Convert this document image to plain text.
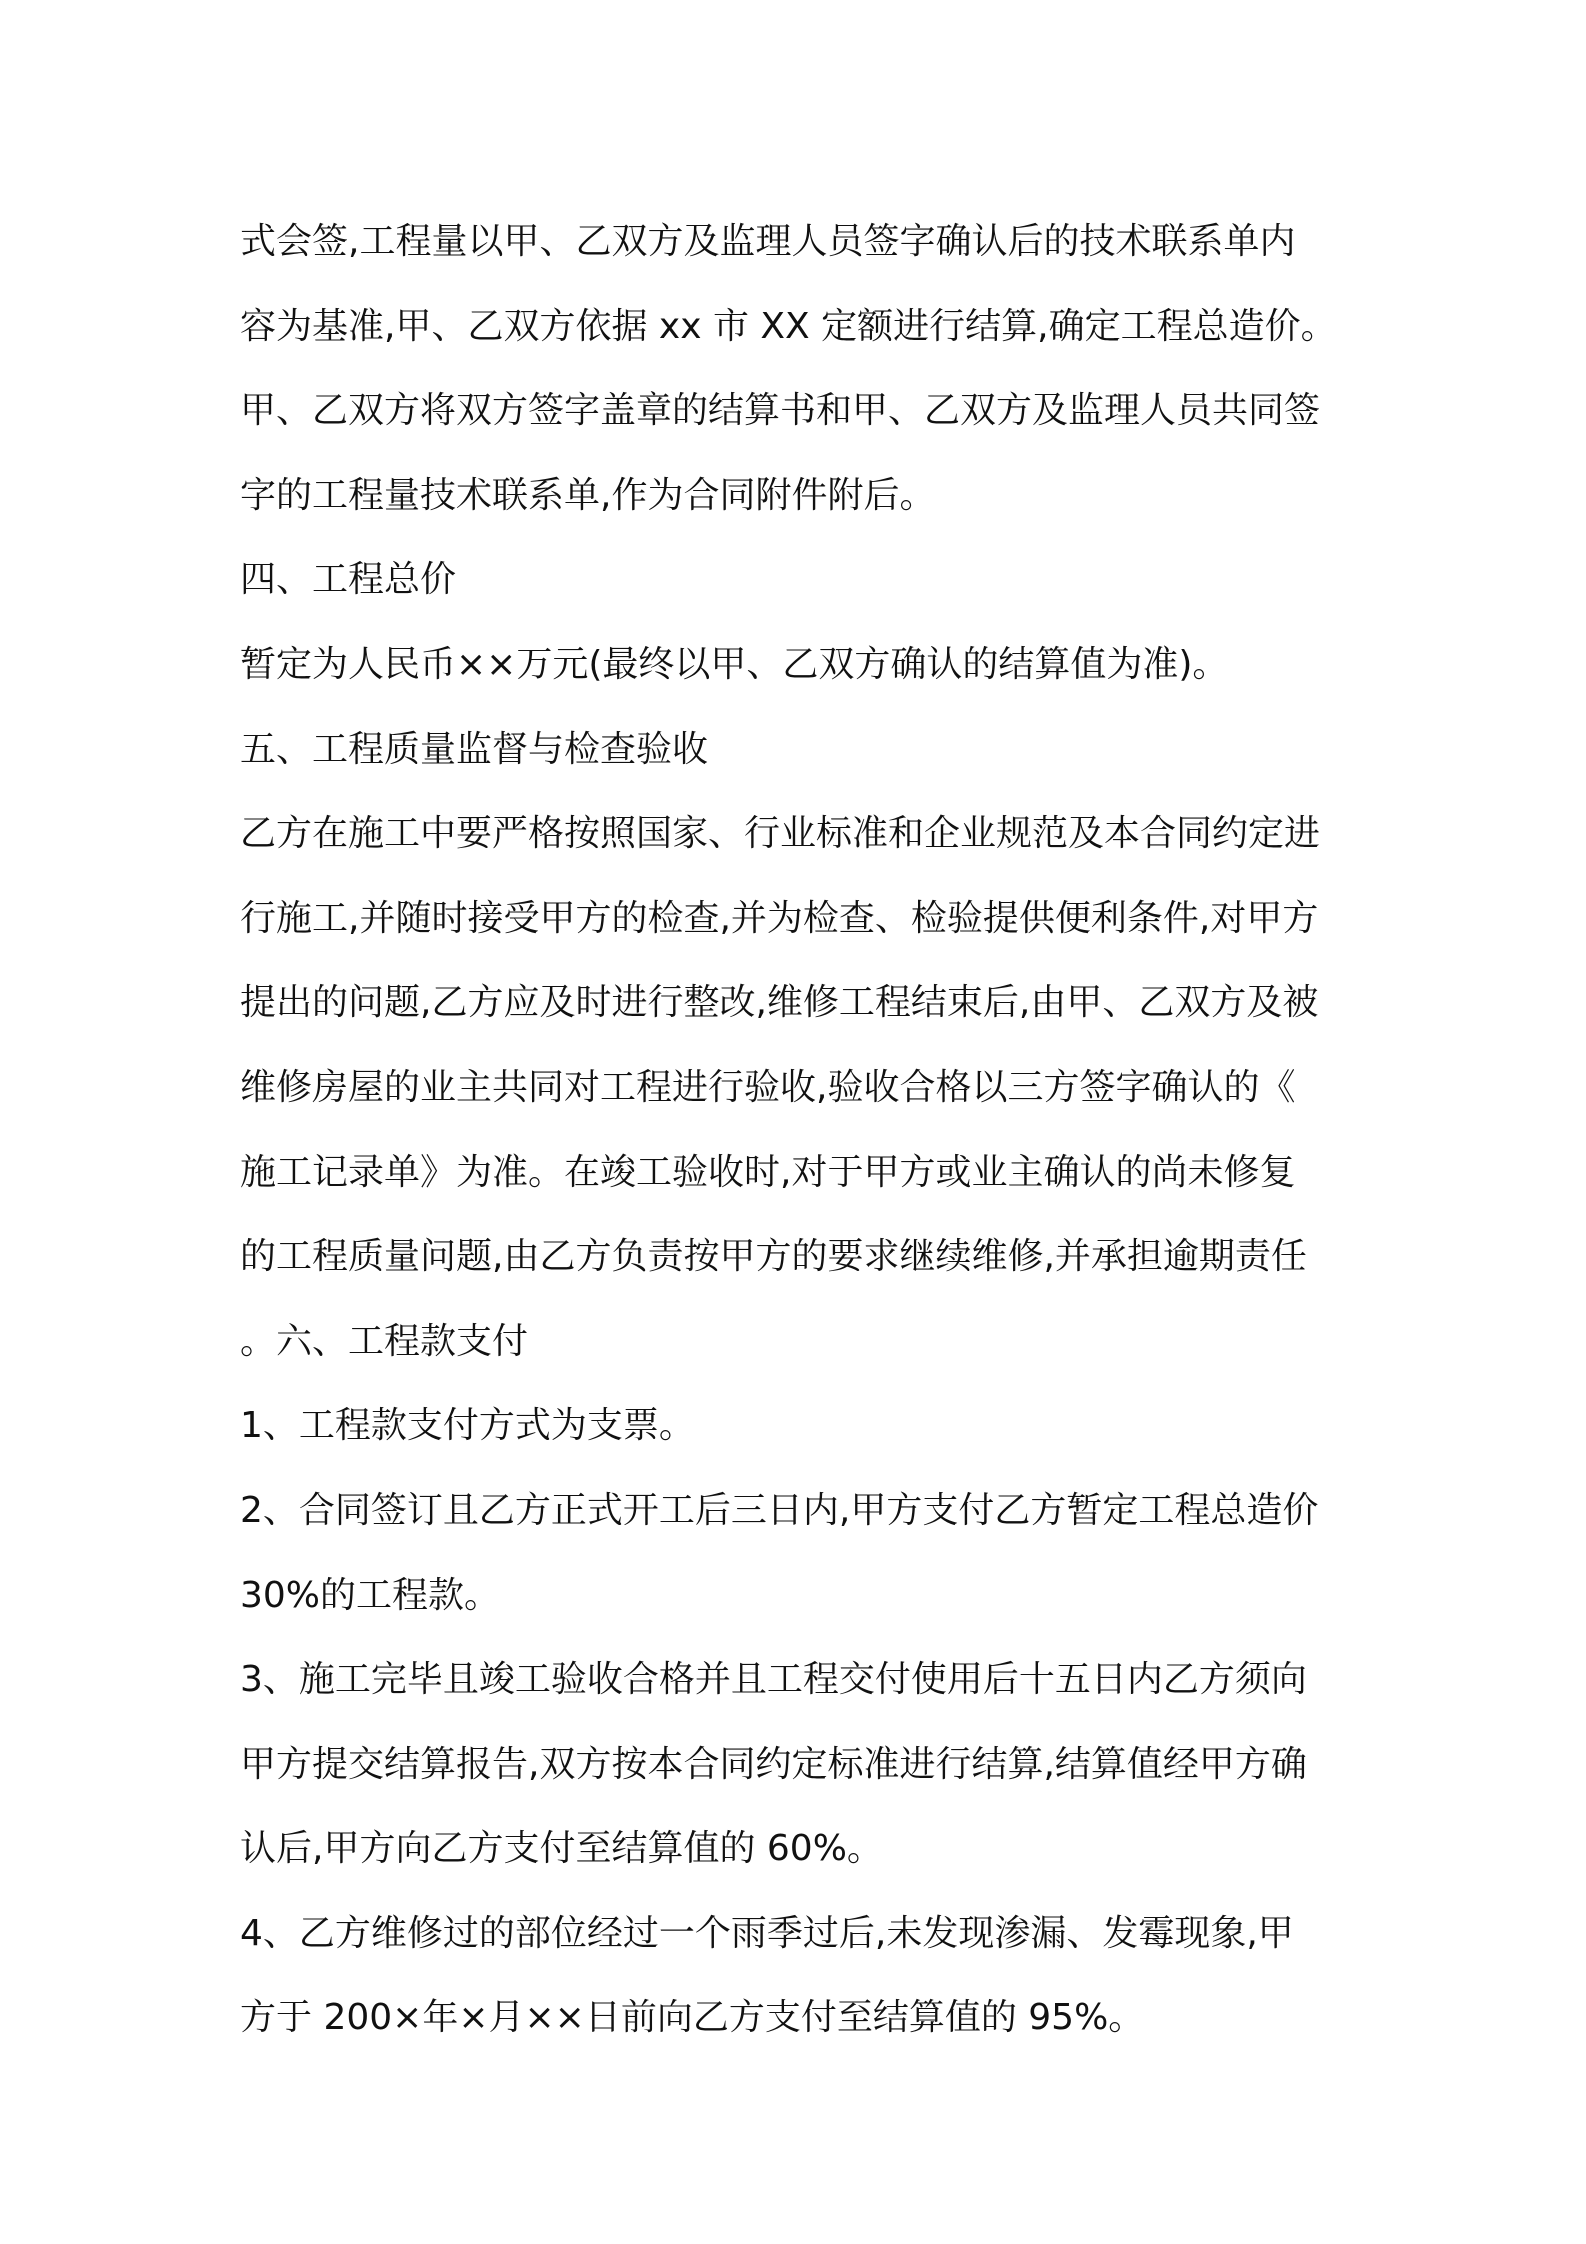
式会签,工程量以甲、乙双方及监理人员签字确认后的技术联系单内
容为基准,甲、乙双方依据 xx 市 XX 定额进行结算,确定工程总造价。
甲、乙双方将双方签字盖章的结算书和甲、乙双方及监理人员共同签
字的工程量技术联系单,作为合同附件附后。
四、工程总价
暂定为人民币××万元(最终以甲、乙双方确认的结算值为准)。
五、工程质量监督与检查验收
乙方在施工中要严格按照国家、行业标准和企业规范及本合同约定进
行施工,并随时接受甲方的检查,并为检查、检验提供便利条件,对甲方
提出的问题,乙方应及时进行整改,维修工程结束后,由甲、乙双方及被
维修房屋的业主共同对工程进行验收,验收合格以三方签字确认的《
施工记录单》为准。在竣工验收时,对于甲方或业主确认的尚未修复
的工程质量问题,由乙方负责按甲方的要求继续维修,并承担逾期责任
。六、工程款支付
1、工程款支付方式为支票。
2、合同签订且乙方正式开工后三日内,甲方支付乙方暂定工程总造价
30%的工程款。
3、施工完毕且竣工验收合格并且工程交付使用后十五日内乙方须向
甲方提交结算报告,双方按本合同约定标准进行结算,结算值经甲方确
认后,甲方向乙方支付至结算值的 60%。
4、乙方维修过的部位经过一个雨季过后,未发现渗漏、发霉现象,甲
方于 200×年×月××日前向乙方支付至结算值的 95%。
